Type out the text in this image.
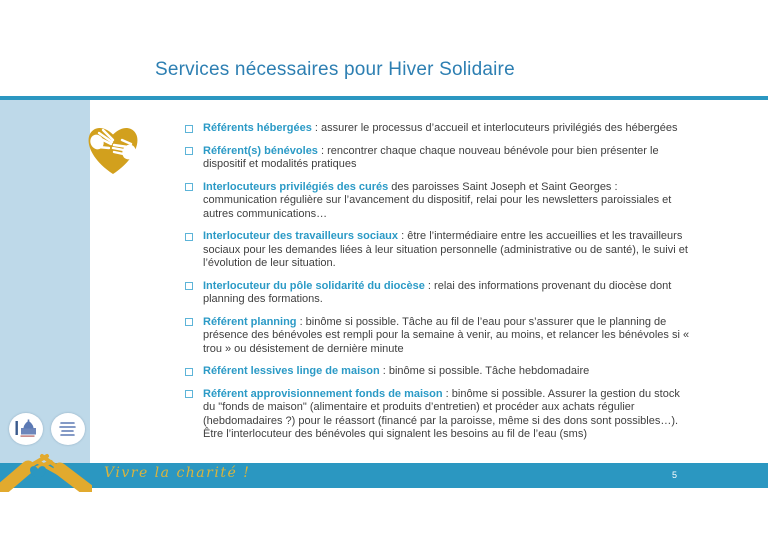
Services nécessaires pour Hiver Solidaire

Référents hébergées : assurer le processus d’accueil et interlocuteurs privilégiés des hébergées

Référent(s) bénévoles : rencontrer chaque chaque nouveau bénévole pour bien présenter le dispositif et modalités pratiques

Interlocuteurs privilégiés des curés des paroisses Saint Joseph et Saint Georges : communication régulière sur l’avancement du dispositif, relai pour les newsletters paroissiales et autres communications…

Interlocuteur des travailleurs sociaux : être l’intermédiaire entre les accueillies et les travailleurs sociaux pour les demandes liées à leur situation personnelle (administrative ou de santé), le suivi et l’évolution de leur situation.

Interlocuteur du pôle solidarité du diocèse : relai des informations provenant du diocèse dont planning des formations.

Référent planning : binôme si possible. Tâche au fil de l’eau pour s’assurer que le planning de présence des bénévoles est rempli pour la semaine à venir, au moins, et relancer les bénévoles si « trou » ou désistement de dernière minute

Référent lessives linge de maison : binôme si possible. Tâche hebdomadaire

Référent approvisionnement fonds de maison : binôme si possible. Assurer la gestion du stock du "fonds de maison" (alimentaire et produits d’entretien) et procéder aux achats régulier (hebdomadaires ?) pour le réassort (financé par la paroisse, même si des dons sont possibles…). Être l’interlocuteur des bénévoles qui signalent les besoins au fil de l’eau (sms)

Vivre la charité !	5
